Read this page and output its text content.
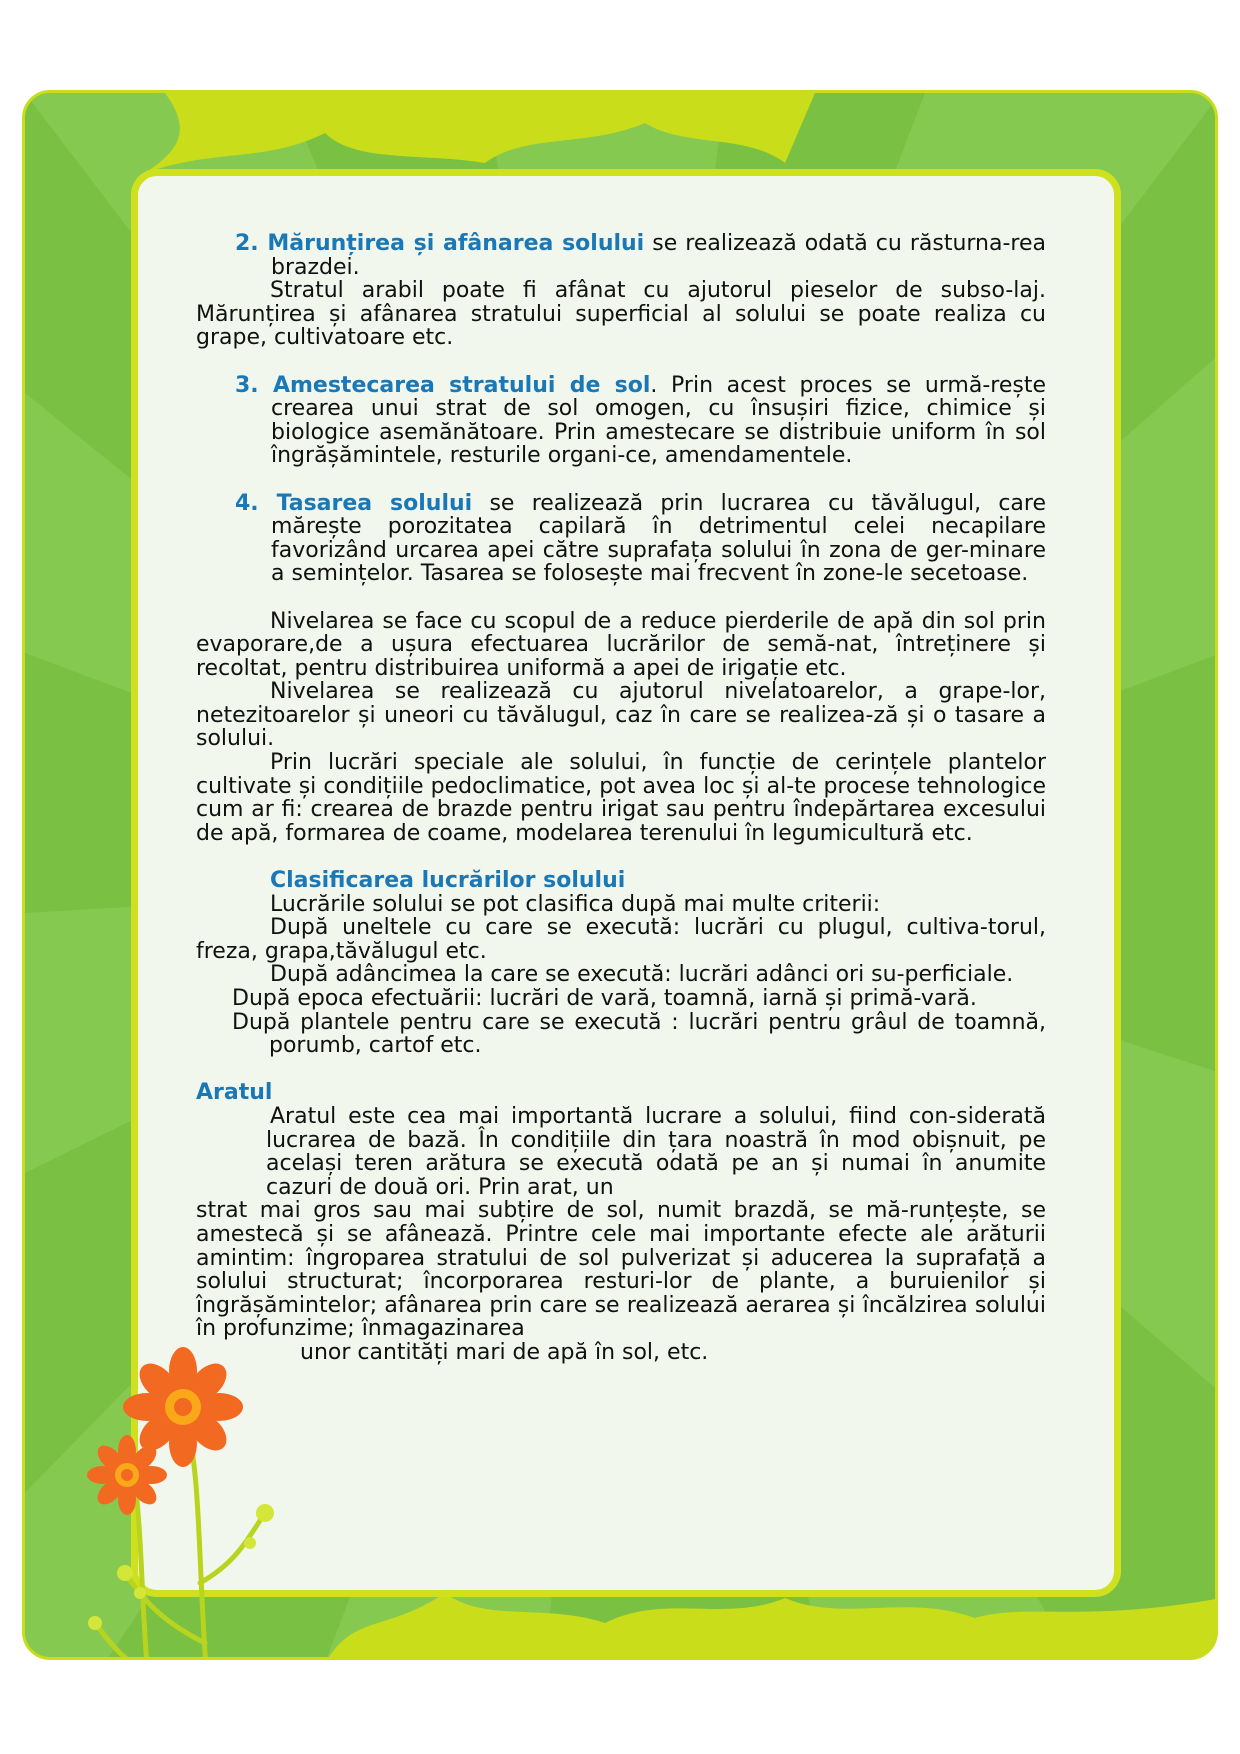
2. Mărunțirea și afânarea solului se realizează odată cu răsturna-rea brazdei.

Stratul arabil poate fi afânat cu ajutorul pieselor de subso-laj. Mărunțirea și afânarea stratului superficial al solului se poate realiza cu grape, cultivatoare etc.

3. Amestecarea stratului de sol. Prin acest proces se urmă-rește crearea unui strat de sol omogen, cu însușiri fizice, chimice și biologice asemănătoare. Prin amestecare se distribuie uniform în sol îngrășămintele, resturile organi-ce, amendamentele.

4. Tasarea solului se realizează prin lucrarea cu tăvălugul, care mărește porozitatea capilară în detrimentul celei necapilare favorizând urcarea apei către suprafața solului în zona de ger-minare a semințelor. Tasarea se folosește mai frecvent în zone-le secetoase.

Nivelarea se face cu scopul de a reduce pierderile de apă din sol prin evaporare,de a ușura efectuarea lucrărilor de semă-nat, întreținere și recoltat, pentru distribuirea uniformă a apei de irigație etc.

Nivelarea se realizează cu ajutorul nivelatoarelor, a grape-lor, netezitoarelor și uneori cu tăvălugul, caz în care se realizea-ză și o tasare a solului.

Prin lucrări speciale ale solului, în funcție de cerințele plantelor cultivate și condițiile pedoclimatice, pot avea loc și al-te procese tehnologice cum ar fi: crearea de brazde pentru irigat sau pentru îndepărtarea excesului de apă, formarea de coame, modelarea terenului în legumicultură etc.

Clasificarea lucrărilor solului

Lucrările solului se pot clasifica după mai multe criterii:

După uneltele cu care se execută: lucrări cu plugul, cultiva-torul, freza, grapa,tăvălugul etc.

După adâncimea la care se execută: lucrări adânci ori su-perficiale.

După epoca efectuării: lucrări de vară, toamnă, iarnă și primă-vară.

După plantele pentru care se execută : lucrări pentru grâul de toamnă, porumb, cartof etc.

Aratul

Aratul este cea mai importantă lucrare a solului, fiind con-siderată lucrarea de bază. În condițiile din țara noastră în mod obișnuit, pe același teren arătura se execută odată pe an și numai în anumite cazuri de două ori. Prin arat, un

strat mai gros sau mai subțire de sol, numit brazdă, se mă-runțește, se amestecă și se afânează. Printre cele mai importante efecte ale arăturii amintim: îngroparea stratului de sol pulverizat și aducerea la suprafață a solului structurat; încorporarea resturi-lor de plante, a buruienilor și îngrășămintelor; afânarea prin care se realizează aerarea și încălzirea solului în profunzime; înmagazinarea

unor cantități mari de apă în sol, etc.
